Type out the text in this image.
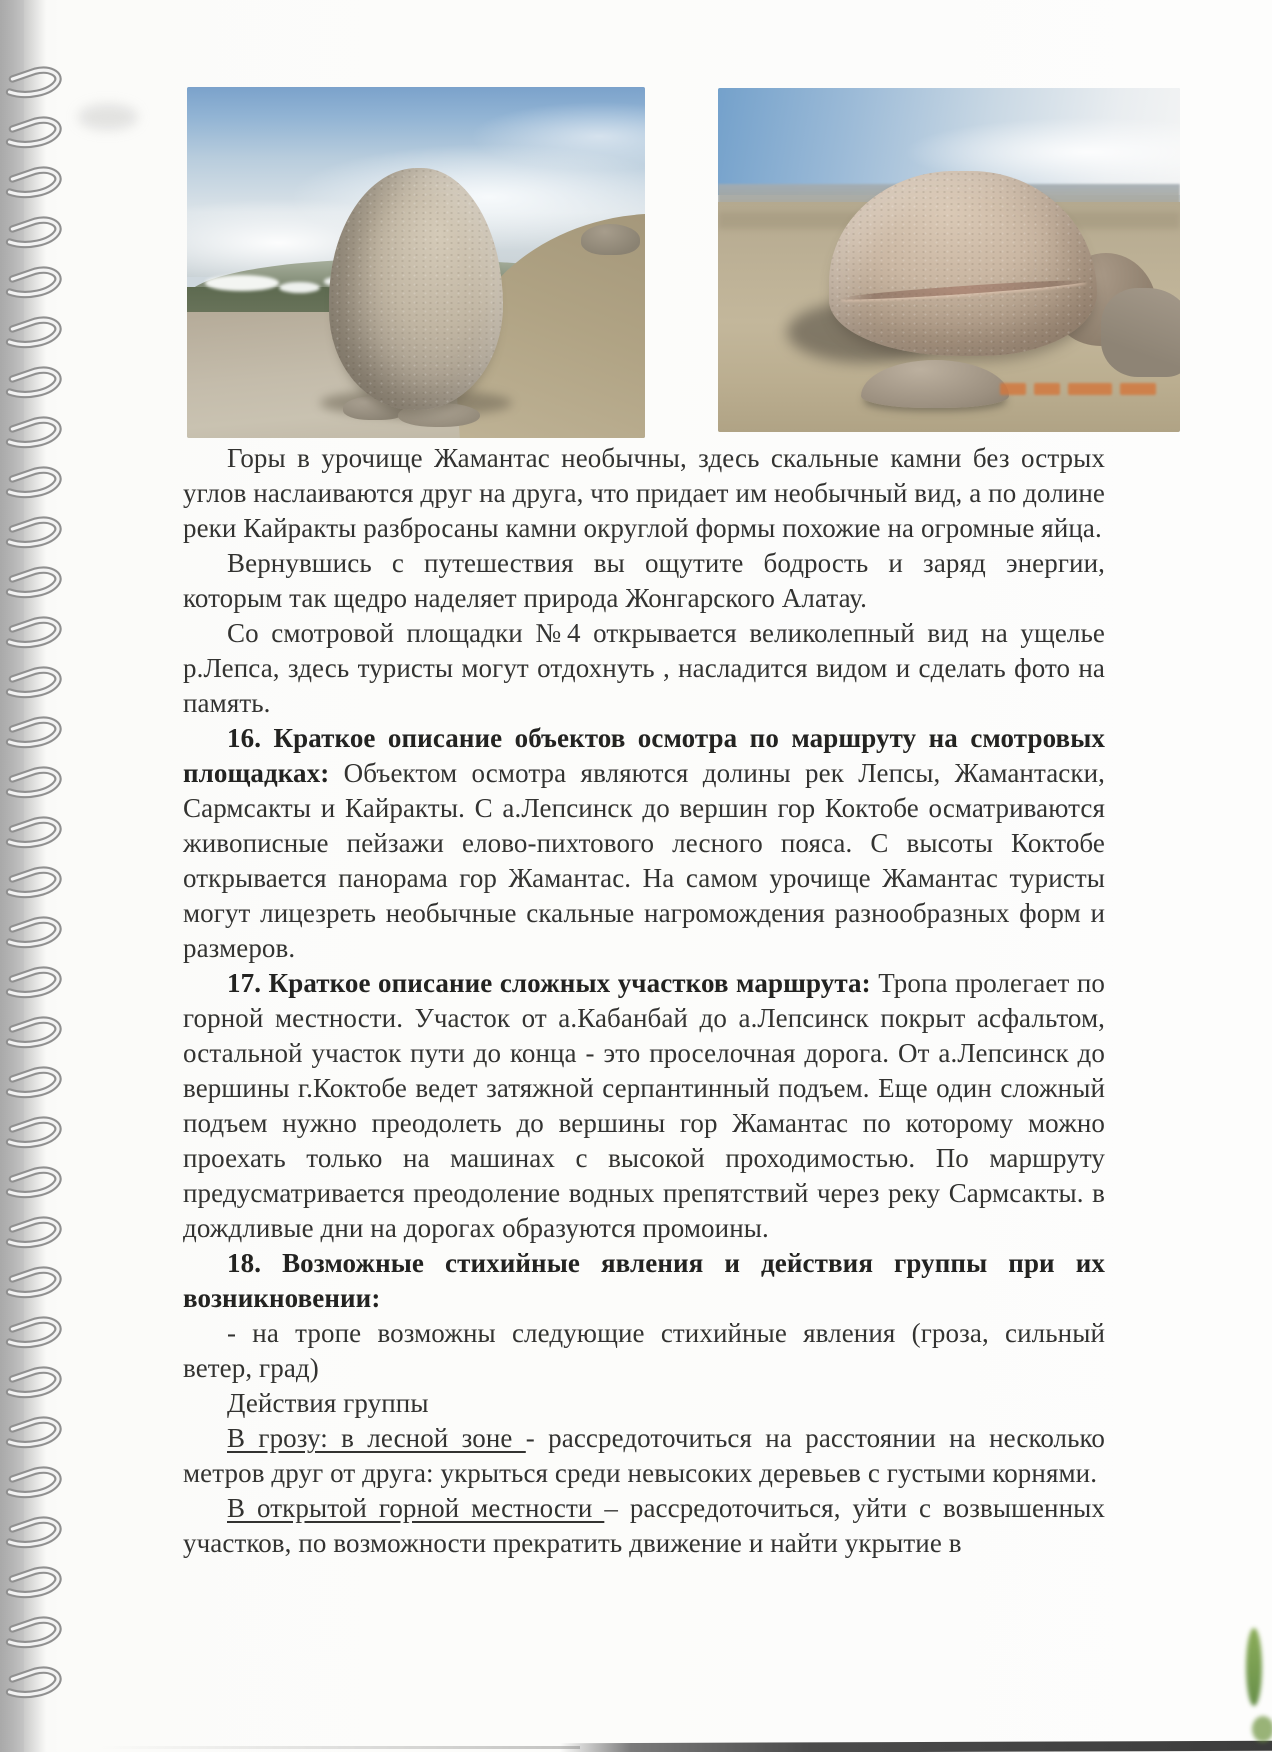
Горы в урочище Жамантас необычны, здесь скальные камни без острых углов наслаиваются друг на друга, что придает им необычный вид, а по долине реки Кайракты разбросаны камни округлой формы похожие на огромные яйца.

Вернувшись с путешествия вы ощутите бодрость и заряд энергии, которым так щедро наделяет природа Жонгарского Алатау.

Со смотровой площадки №4 открывается великолепный вид на ущелье р.Лепса, здесь туристы могут отдохнуть , насладится видом и сделать фото на память.

16. Краткое описание объектов осмотра по маршруту на смотровых площадках: Объектом осмотра являются долины рек Лепсы, Жамантаски, Сармсакты и Кайракты. С а.Лепсинск до вершин гор Коктобе осматриваются живописные пейзажи елово-пихтового лесного пояса. С высоты Коктобе открывается панорама гор Жамантас. На самом урочище Жамантас туристы могут лицезреть необычные скальные нагромождения разнообразных форм и размеров.

17. Краткое описание сложных участков маршрута: Тропа пролегает по горной местности. Участок от а.Кабанбай до а.Лепсинск покрыт асфальтом, остальной участок пути до конца - это проселочная дорога. От а.Лепсинск до вершины г.Коктобе ведет затяжной серпантинный подъем. Еще один сложный подъем нужно преодолеть до вершины гор Жамантас по которому можно проехать только на машинах с высокой проходимостью. По маршруту предусматривается преодоление водных препятствий через реку Сармсакты. в дождливые дни на дорогах образуются промоины.

18. Возможные стихийные явления и действия группы при их возникновении:

- на тропе возможны следующие стихийные явления (гроза, сильный ветер, град)

Действия группы

В грозу: в лесной зоне - рассредоточиться на расстоянии на несколько метров друг от друга: укрыться среди невысоких деревьев с густыми корнями.

В открытой горной местности – рассредоточиться, уйти с возвышенных участков, по возможности прекратить движение и найти укрытие в
